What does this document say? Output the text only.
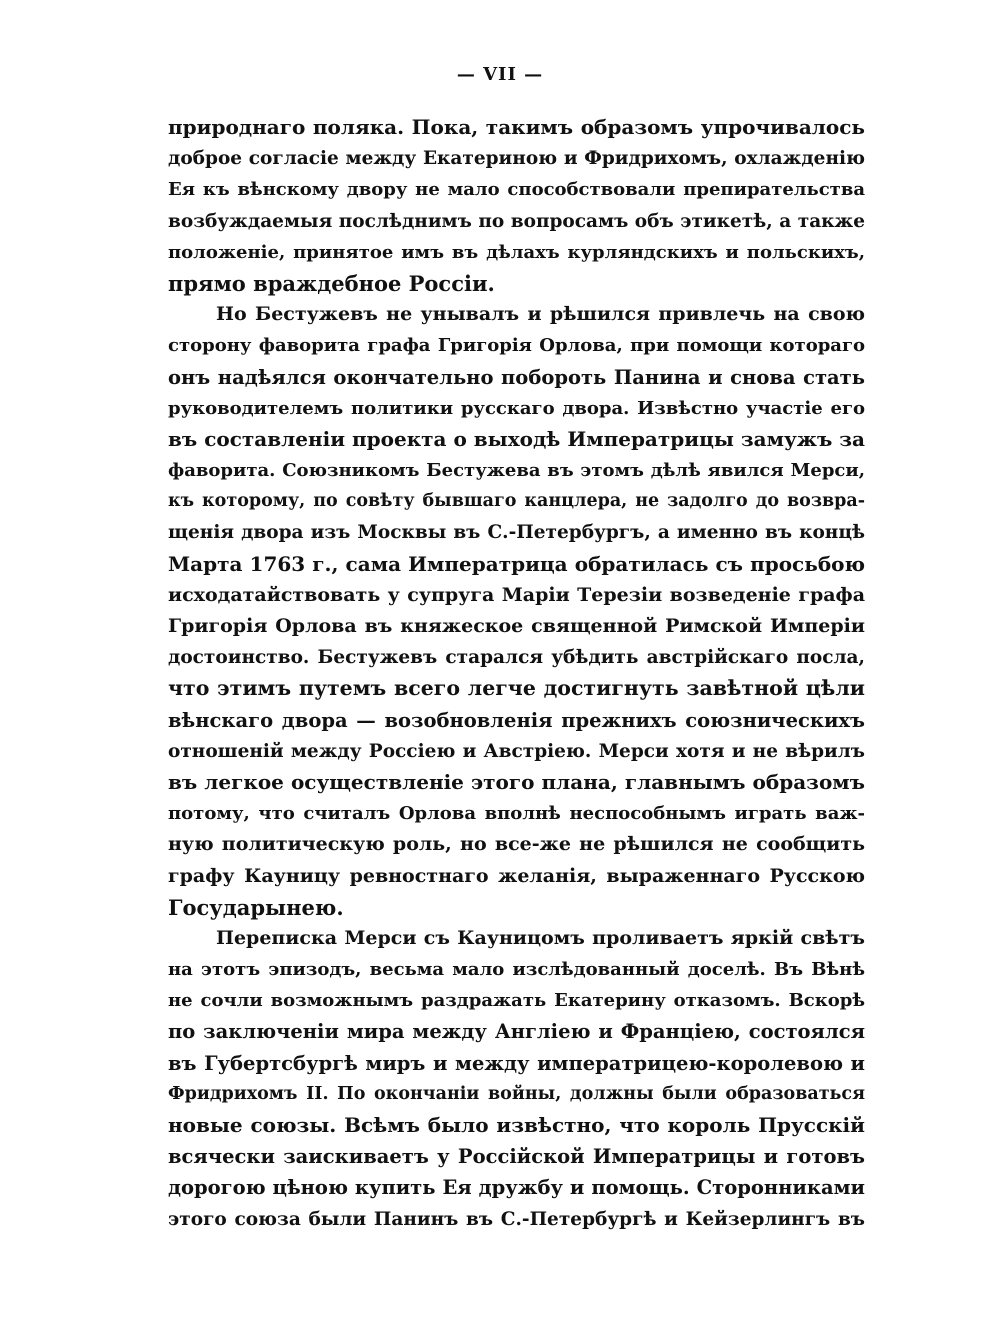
— VII —
природнаго поляка. Пока, такимъ образомъ упрочивалось
доброе согласіе между Екатериною и Фридрихомъ, охлажденію
Ея къ вѣнскому двору не мало способствовали препирательства
возбуждаемыя послѣднимъ по вопросамъ объ этикетѣ, а также
положеніе, принятое имъ въ дѣлахъ курляндскихъ и польскихъ,
прямо враждебное Россіи.
Но Бестужевъ не унывалъ и рѣшился привлечь на свою
сторону фаворита графа Григорія Орлова, при помощи котораго
онъ надѣялся окончательно побороть Панина и снова стать
руководителемъ политики русскаго двора. Извѣстно участіе его
въ составленіи проекта о выходѣ Императрицы замужъ за
фаворита. Союзникомъ Бестужева въ этомъ дѣлѣ явился Мерси,
къ которому, по совѣту бывшаго канцлера, не задолго до возвра-
щенія двора изъ Москвы въ С.-Петербургъ, а именно въ концѣ
Марта 1763 г., сама Императрица обратилась съ просьбою
исходатайствовать у супруга Маріи Терезіи возведеніе графа
Григорія Орлова въ княжеское священной Римской Имперіи
достоинство. Бестужевъ старался убѣдить австрійскаго посла,
что этимъ путемъ всего легче достигнуть завѣтной цѣли
вѣнскаго двора — возобновленія прежнихъ союзническихъ
отношеній между Россіею и Австріею. Мерси хотя и не вѣрилъ
въ легкое осуществленіе этого плана, главнымъ образомъ
потому, что считалъ Орлова вполнѣ неспособнымъ играть важ-
ную политическую роль, но все-же не рѣшился не сообщить
графу Кауницу ревностнаго желанія, выраженнаго Русскою
Государынею.
Переписка Мерси съ Кауницомъ проливаетъ яркій свѣтъ
на этотъ эпизодъ, весьма мало изслѣдованный доселѣ. Въ Вѣнѣ
не сочли возможнымъ раздражать Екатерину отказомъ. Вскорѣ
по заключеніи мира между Англіею и Франціею, состоялся
въ Губертсбургѣ миръ и между императрицею-королевою и
Фридрихомъ II. По окончаніи войны, должны были образоваться
новые союзы. Всѣмъ было извѣстно, что король Прусскій
всячески заискиваетъ у Россійской Императрицы и готовъ
дорогою цѣною купить Ея дружбу и помощь. Сторонниками
этого союза были Панинъ въ С.-Петербургѣ и Кейзерлингъ въ
